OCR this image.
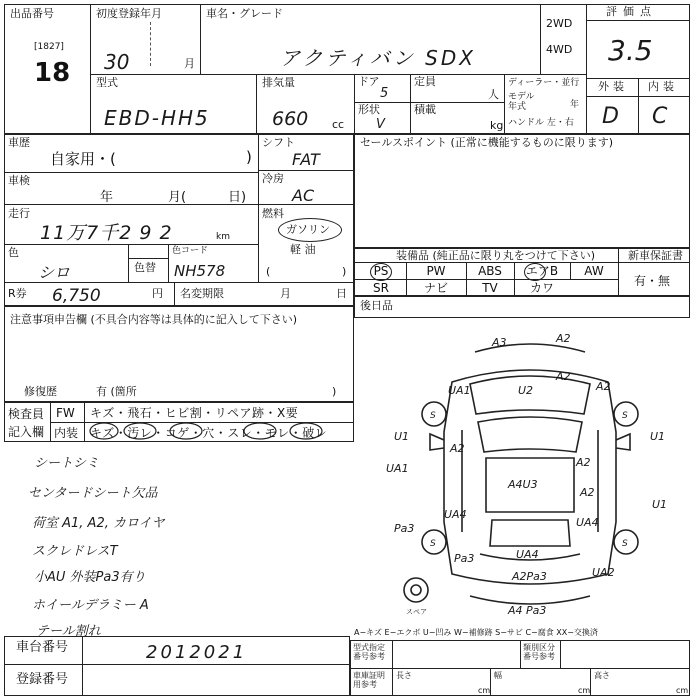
出品番号
[1827]
18
初度登録年月
30	月
車名・グレード
アクティバン SDX
2WD
4WD
評価点
3.5
型式
EBD-HH5
排気量
660 cc
ドア
5
定員
人
形状
V
積載
kg
ディーラー・並行
モデル年式	年
ハンドル 左・右
外装 内装
D C
車歴
自家用・(	)
車検
年	月(	日)
走行
11万7千2 9 2	km
色
シロ	色替
色コード
NH578
R券 6,750	円 名変期限	月	日
シフト
FAT
冷房
AC
燃料
ガソリン
軽 油
(	)
セールスポイント (正常に機能するものに限ります)
装備品 (純正品に限り丸をつけて下さい)	新車保証書
有・無
PS	PW	ABS	エアB	AW
SR	ナビ	TV	カワ
後日品
注意事項申告欄 (不具合内容等は具体的に記入して下さい)
修復歴	有 (箇所	)
検査員
記入欄
FW キズ・飛石・ヒビ割・リペア跡・X要
内装 キズ・汚レ・コゲ・穴・スレ・モレ・破レ
シートシミ
センタードシート欠品
荷室 A1, A2, カロイヤ
スクレドレスT
小AU 外装Pa3有り
ホイールデラミー A
テール割れ
車台番号	2012021
登録番号
S	S
S	S
スペア
A3	A2
A2
U2	A2
UA1
A2
U1	U1
UA1
A4U3
A2
A2
U1
UA4
UA4
Pa3
Pa3	UA4
A2Pa3	UA2
A4 Pa3
A−キズ E−エクボ U−凹み W−補修跡 S−サビ C−腐食 XX−交換済
型式指定番号参考
類別区分番号参考
車庫証明用参考
長さ
cm
幅
cm
高さ
cm
